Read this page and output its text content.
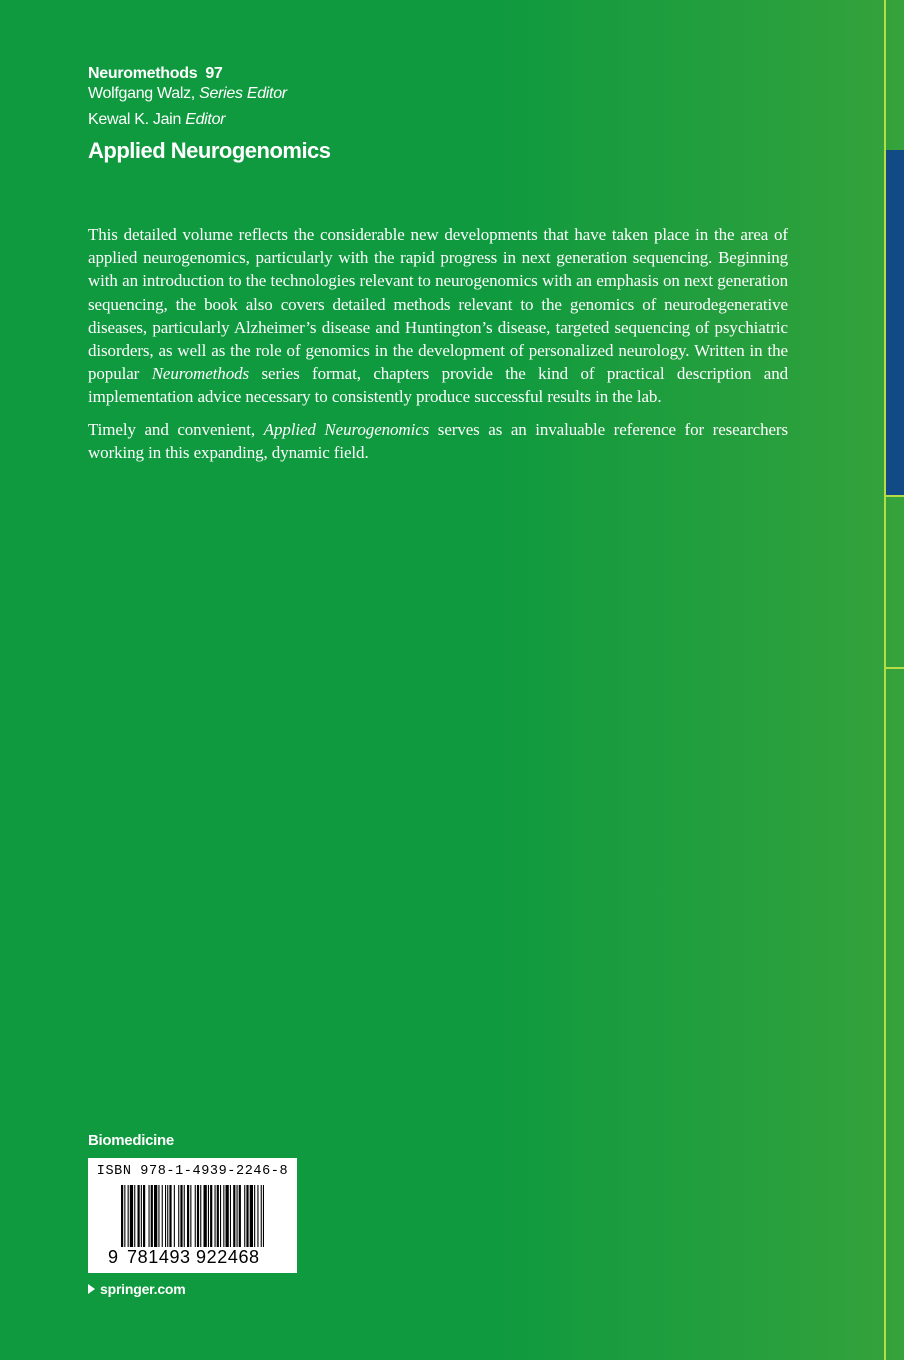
Neuromethods 97
Wolfgang Walz, Series Editor
Kewal K. Jain Editor
Applied Neurogenomics

This detailed volume reflects the considerable new developments that have taken place in the area of applied neurogenomics, particularly with the rapid progress in next generation sequencing. Beginning with an introduction to the technologies relevant to neurogenomics with an emphasis on next generation sequencing, the book also covers detailed methods relevant to the genomics of neurodegenerative diseases, particularly Alzheimer’s disease and Huntington’s disease, targeted sequencing of psychiatric disorders, as well as the role of genomics in the development of personalized neurology. Written in the popular Neuromethods series format, chapters provide the kind of practical description and implementation advice necessary to consistently produce successful results in the lab.

Timely and convenient, Applied Neurogenomics serves as an invaluable reference for researchers working in this expanding, dynamic field.

Biomedicine
ISBN 978-1-4939-2246-8
9 781493 922468
springer.com
